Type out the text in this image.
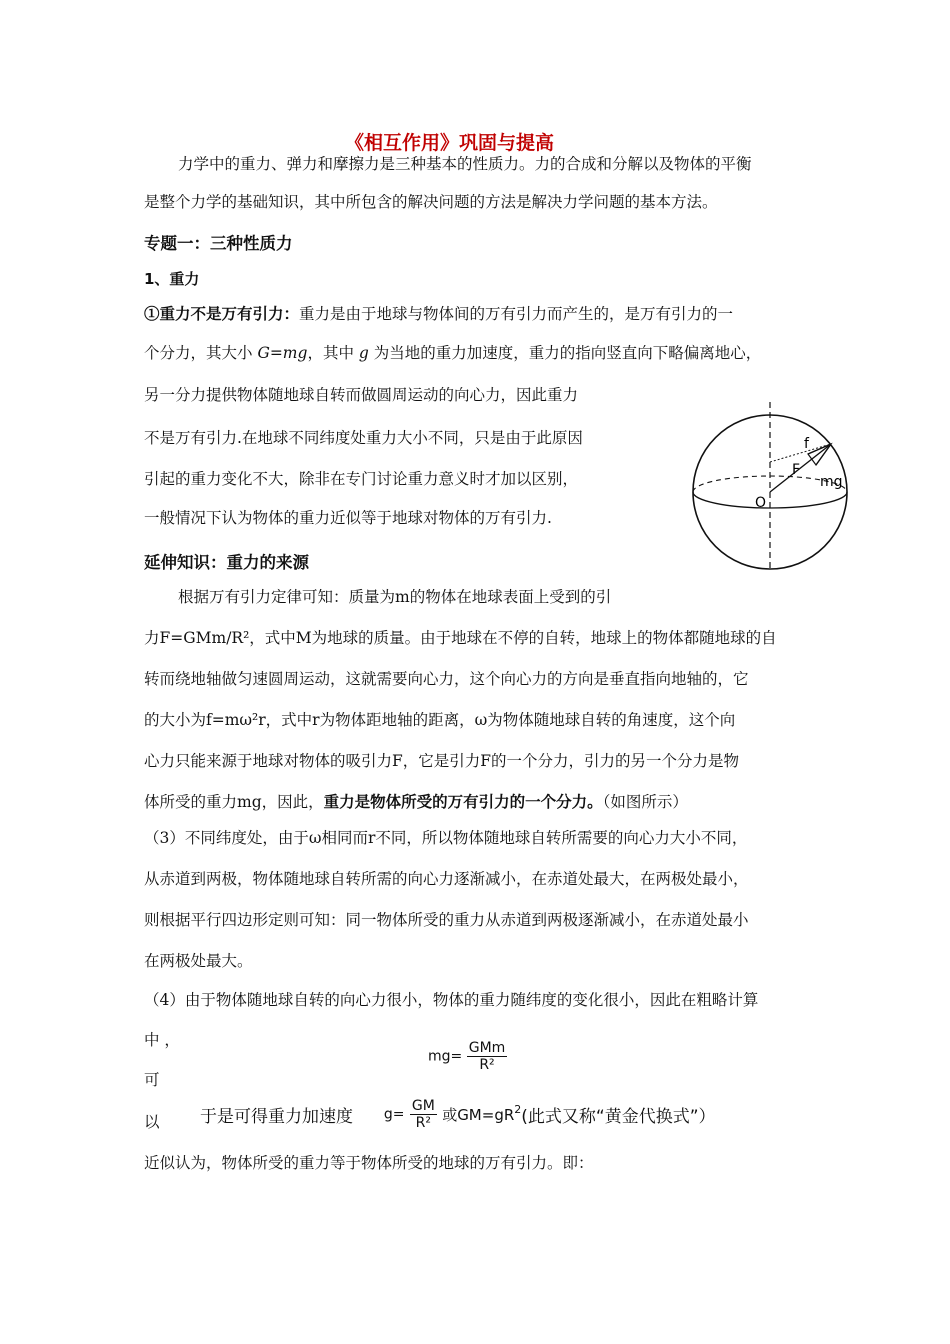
《相互作用》巩固与提高
力学中的重力、弹力和摩擦力是三种基本的性质力。力的合成和分解以及物体的平衡
是整个力学的基础知识，其中所包含的解决问题的方法是解决力学问题的基本方法。
专题一：三种性质力
1、重力
①重力不是万有引力：重力是由于地球与物体间的万有引力而产生的，是万有引力的一
个分力，其大小 G=mg，其中 g 为当地的重力加速度，重力的指向竖直向下略偏离地心，
另一分力提供物体随地球自转而做圆周运动的向心力，因此重力
不是万有引力.在地球不同纬度处重力大小不同，只是由于此原因
引起的重力变化不大，除非在专门讨论重力意义时才加以区别，
一般情况下认为物体的重力近似等于地球对物体的万有引力.
f
F
mg
O
延伸知识：重力的来源
根据万有引力定律可知：质量为m的物体在地球表面上受到的引
力F=GMm/R²，式中M为地球的质量。由于地球在不停的自转，地球上的物体都随地球的自
转而绕地轴做匀速圆周运动，这就需要向心力，这个向心力的方向是垂直指向地轴的，它
的大小为f=mω²r，式中r为物体距地轴的距离，ω为物体随地球自转的角速度，这个向
心力只能来源于地球对物体的吸引力F，它是引力F的一个分力，引力的另一个分力是物
体所受的重力mg，因此，重力是物体所受的万有引力的一个分力。（如图所示）
（3）不同纬度处，由于ω相同而r不同，所以物体随地球自转所需要的向心力大小不同，
从赤道到两极，物体随地球自转所需的向心力逐渐减小，在赤道处最大，在两极处最小，
则根据平行四边形定则可知：同一物体所受的重力从赤道到两极逐渐减小，在赤道处最小
在两极处最大。
（4）由于物体随地球自转的向心力很小，物体的重力随纬度的变化很小，因此在粗略计算
中 ，
$mg= \frac{\text{GMm}}{\text{R²}}$
可
以 于是可得重力加速度 $g= \frac{GM}{\text{R²}}$ 或$GM=gR^2$(此式又称“黄金代换式”）
近似认为，物体所受的重力等于物体所受的地球的万有引力。即：
